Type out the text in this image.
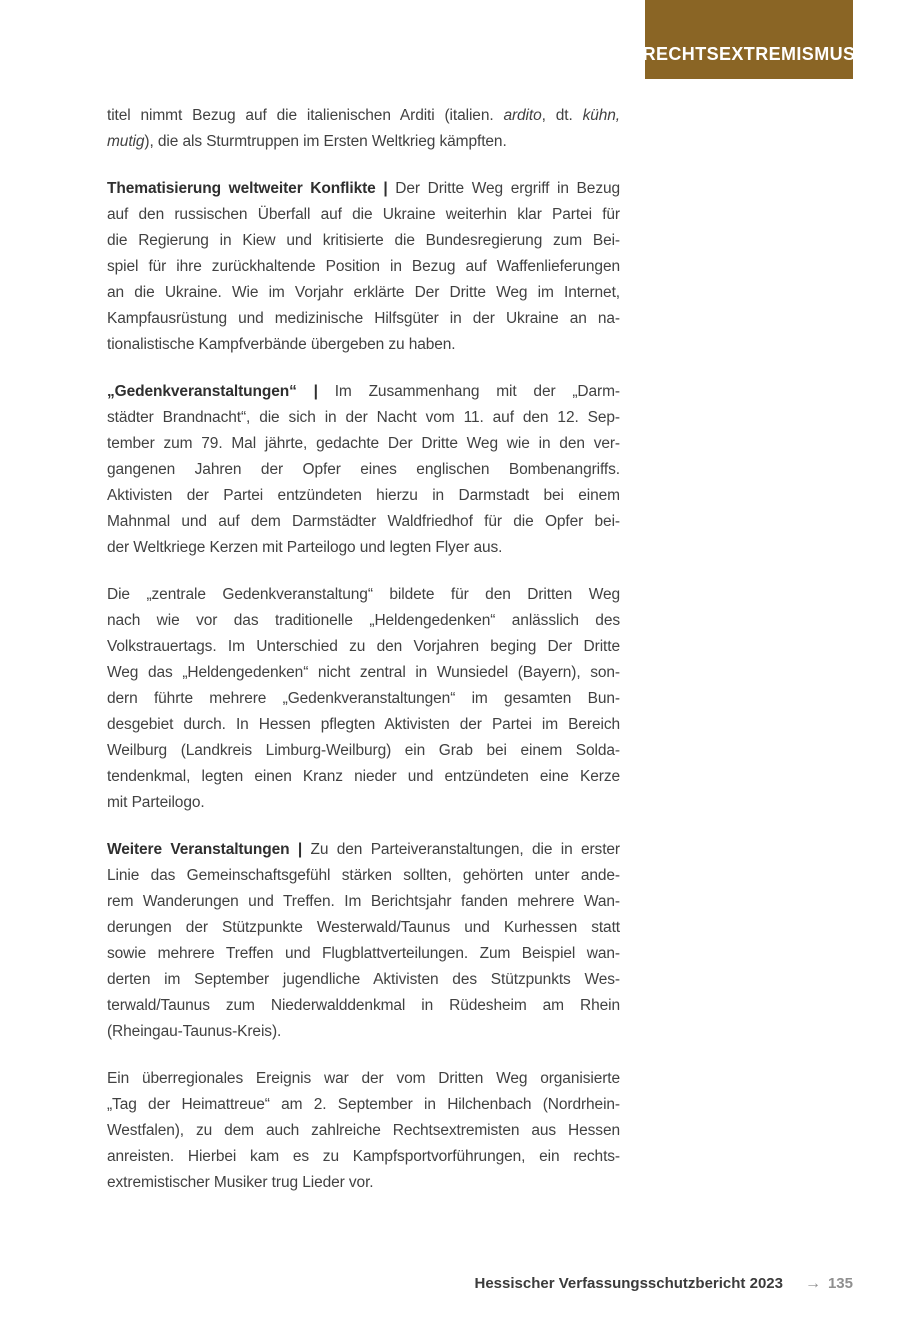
RECHTSEXTREMISMUS

titel nimmt Bezug auf die italienischen Arditi (italien. ardito, dt. kühn,
mutig), die als Sturmtruppen im Ersten Weltkrieg kämpften.

Thematisierung weltweiter Konflikte | Der Dritte Weg ergriff in Bezug
auf den russischen Überfall auf die Ukraine weiterhin klar Partei für
die Regierung in Kiew und kritisierte die Bundesregierung zum Bei-
spiel für ihre zurückhaltende Position in Bezug auf Waffenlieferungen
an die Ukraine. Wie im Vorjahr erklärte Der Dritte Weg im Internet,
Kampfausrüstung und medizinische Hilfsgüter in der Ukraine an na-
tionalistische Kampfverbände übergeben zu haben.

„Gedenkveranstaltungen“ | Im Zusammenhang mit der „Darm-
städter Brandnacht“, die sich in der Nacht vom 11. auf den 12. Sep-
tember zum 79. Mal jährte, gedachte Der Dritte Weg wie in den ver-
gangenen Jahren der Opfer eines englischen Bombenangriffs.
Aktivisten der Partei entzündeten hierzu in Darmstadt bei einem
Mahnmal und auf dem Darmstädter Waldfriedhof für die Opfer bei-
der Weltkriege Kerzen mit Parteilogo und legten Flyer aus.

Die „zentrale Gedenkveranstaltung“ bildete für den Dritten Weg
nach wie vor das traditionelle „Heldengedenken“ anlässlich des
Volkstrauertags. Im Unterschied zu den Vorjahren beging Der Dritte
Weg das „Heldengedenken“ nicht zentral in Wunsiedel (Bayern), son-
dern führte mehrere „Gedenkveranstaltungen“ im gesamten Bun-
desgebiet durch. In Hessen pflegten Aktivisten der Partei im Bereich
Weilburg (Landkreis Limburg-Weilburg) ein Grab bei einem Solda-
tendenkmal, legten einen Kranz nieder und entzündeten eine Kerze
mit Parteilogo.

Weitere Veranstaltungen | Zu den Parteiveranstaltungen, die in erster
Linie das Gemeinschaftsgefühl stärken sollten, gehörten unter ande-
rem Wanderungen und Treffen. Im Berichtsjahr fanden mehrere Wan-
derungen der Stützpunkte Westerwald/Taunus und Kurhessen statt
sowie mehrere Treffen und Flugblattverteilungen. Zum Beispiel wan-
derten im September jugendliche Aktivisten des Stützpunkts Wes-
terwald/Taunus zum Niederwalddenkmal in Rüdesheim am Rhein
(Rheingau-Taunus-Kreis).

Ein überregionales Ereignis war der vom Dritten Weg organisierte
„Tag der Heimattreue“ am 2. September in Hilchenbach (Nordrhein-
Westfalen), zu dem auch zahlreiche Rechtsextremisten aus Hessen
anreisten. Hierbei kam es zu Kampfsportvorführungen, ein rechts-
extremistischer Musiker trug Lieder vor.

Hessischer Verfassungsschutzbericht 2023 → 135
